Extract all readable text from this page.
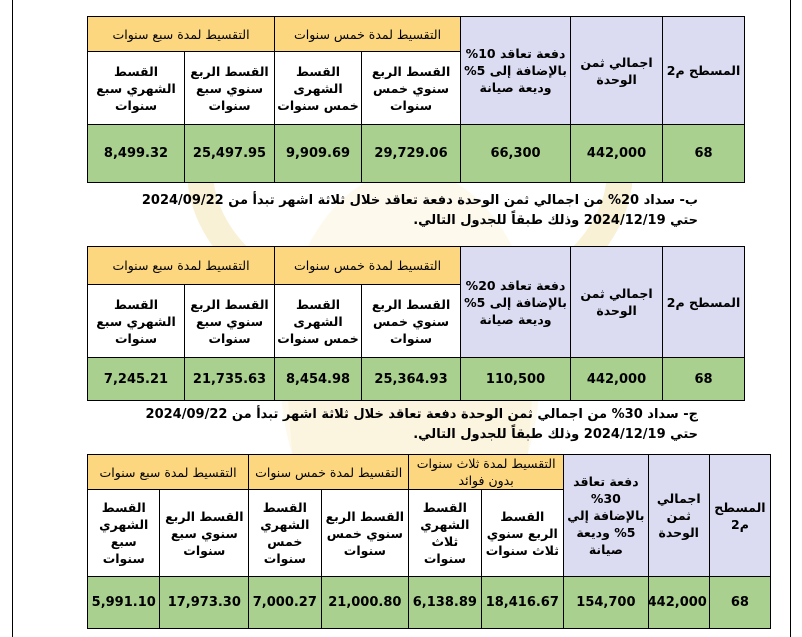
المسطح م2	اجمالي ثمن الوحدة	دفعة تعاقد 10% بالإضافة إلى 5% وديعة صيانة	التقسيط لمدة خمس سنوات		التقسيط لمدة سبع سنوات	
			القسط الربع سنوي خمس سنوات	القسط الشهرى خمس سنوات	القسط الربع سنوي سبع سنوات	القسط الشهري سبع سنوات
68	442,000	66,300	29,729.06	9,909.69	25,497.95	8,499.32
ب- سداد 20% من اجمالي ثمن الوحدة دفعة تعاقد خلال ثلاثة اشهر تبدأ من 2024/09/22
حتي 2024/12/19 وذلك طبقاً للجدول التالي.
المسطح م2	اجمالي ثمن الوحدة	دفعة تعاقد 20% بالإضافة إلى 5% وديعة صيانة	التقسيط لمدة خمس سنوات		التقسيط لمدة سبع سنوات	
			القسط الربع سنوي خمس سنوات	القسط الشهرى خمس سنوات	القسط الربع سنوي سبع سنوات	القسط الشهري سبع سنوات
68	442,000	110,500	25,364.93	8,454.98	21,735.63	7,245.21
ج- سداد 30% من اجمالي ثمن الوحدة دفعة تعاقد خلال ثلاثة اشهر تبدأ من 2024/09/22
حتي 2024/12/19 وذلك طبقاً للجدول التالي.
المسطح م2	اجمالي ثمن الوحدة	دفعة تعاقد 30% بالإضافة إلي 5% وديعة صيانة	التقسيط لمدة ثلاث سنوات بدون فوائد		التقسيط لمدة خمس سنوات		التقسيط لمدة سبع سنوات	
			القسط الربع سنوي ثلاث سنوات	القسط الشهري ثلاث سنوات	القسط الربع سنوي خمس سنوات	القسط الشهري خمس سنوات	القسط الربع سنوي سبع سنوات	القسط الشهري سبع سنوات
68	442,000	154,700	18,416.67	6,138.89	21,000.80	7,000.27	17,973.30	5,991.10
